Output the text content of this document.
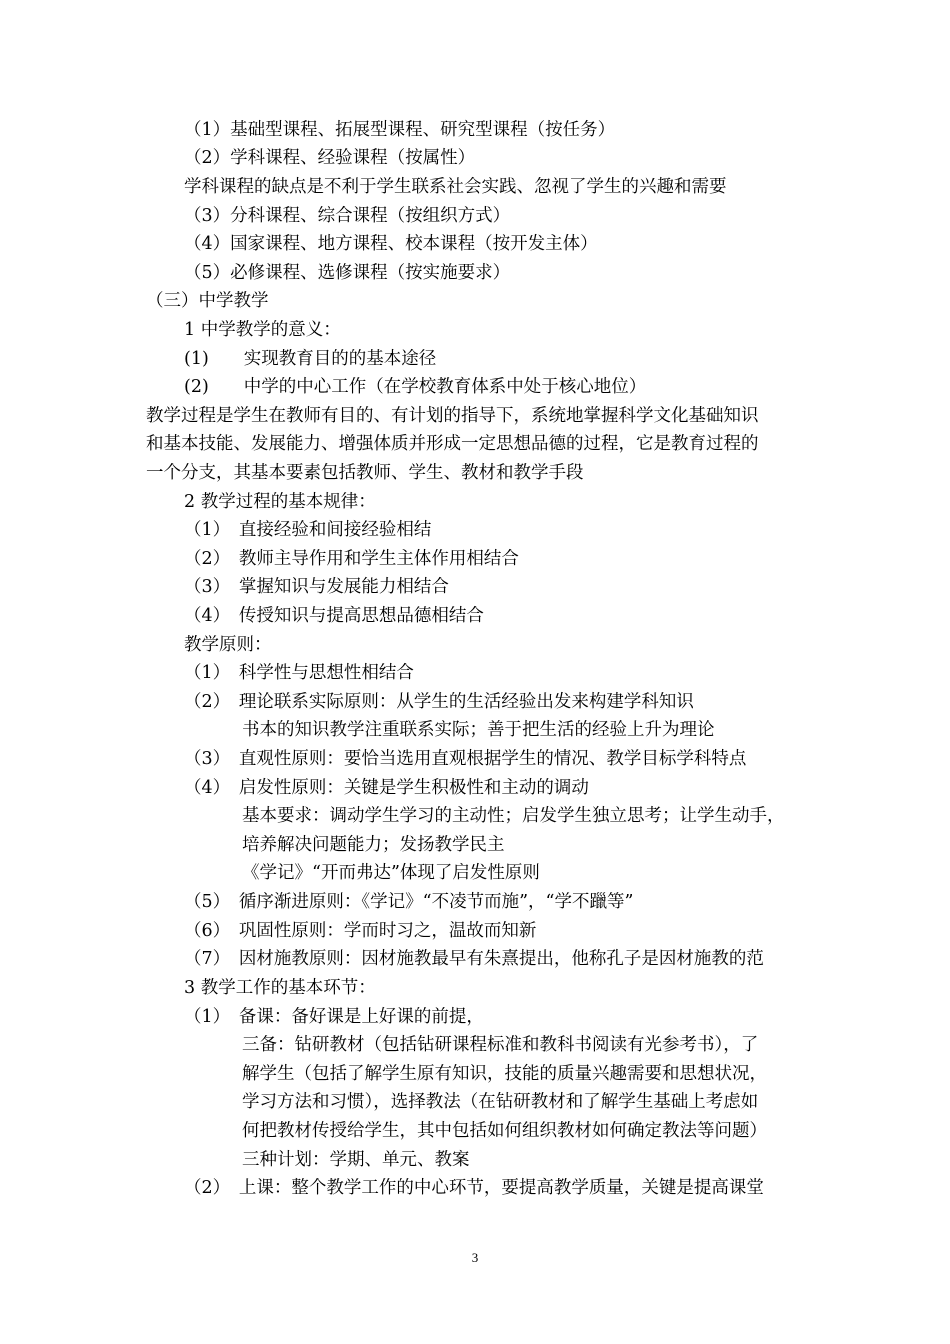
（1）基础型课程、拓展型课程、研究型课程（按任务）
（2）学科课程、经验课程（按属性）
学科课程的缺点是不利于学生联系社会实践、忽视了学生的兴趣和需要
（3）分科课程、综合课程（按组织方式）
（4）国家课程、地方课程、校本课程（按开发主体）
（5）必修课程、选修课程（按实施要求）
（三）中学教学
1 中学教学的意义：
(1)　　实现教育目的的基本途径
(2)　　中学的中心工作（在学校教育体系中处于核心地位）
教学过程是学生在教师有目的、有计划的指导下，系统地掌握科学文化基础知识
和基本技能、发展能力、增强体质并形成一定思想品德的过程，它是教育过程的
一个分支，其基本要素包括教师、学生、教材和教学手段
2 教学过程的基本规律：
（1）　直接经验和间接经验相结
（2）　教师主导作用和学生主体作用相结合
（3）　掌握知识与发展能力相结合
（4）　传授知识与提高思想品德相结合
教学原则：
（1）　科学性与思想性相结合
（2）　理论联系实际原则：从学生的生活经验出发来构建学科知识
书本的知识教学注重联系实际；善于把生活的经验上升为理论
（3）　直观性原则：要恰当选用直观根据学生的情况、教学目标学科特点
（4）　启发性原则：关键是学生积极性和主动的调动
基本要求：调动学生学习的主动性；启发学生独立思考；让学生动手，
培养解决问题能力；发扬教学民主
《学记》“开而弗达”体现了启发性原则
（5）　循序渐进原则：《学记》“不凌节而施”，“学不躐等”
（6）　巩固性原则：学而时习之，温故而知新
（7）　因材施教原则：因材施教最早有朱熹提出，他称孔子是因材施教的范
3 教学工作的基本环节：
（1）　备课：备好课是上好课的前提，
三备：钻研教材（包括钻研课程标准和教科书阅读有光参考书），了
解学生（包括了解学生原有知识，技能的质量兴趣需要和思想状况，
学习方法和习惯），选择教法（在钻研教材和了解学生基础上考虑如
何把教材传授给学生，其中包括如何组织教材如何确定教法等问题）
三种计划：学期、单元、教案
（2）　上课：整个教学工作的中心环节，要提高教学质量，关键是提高课堂
3
